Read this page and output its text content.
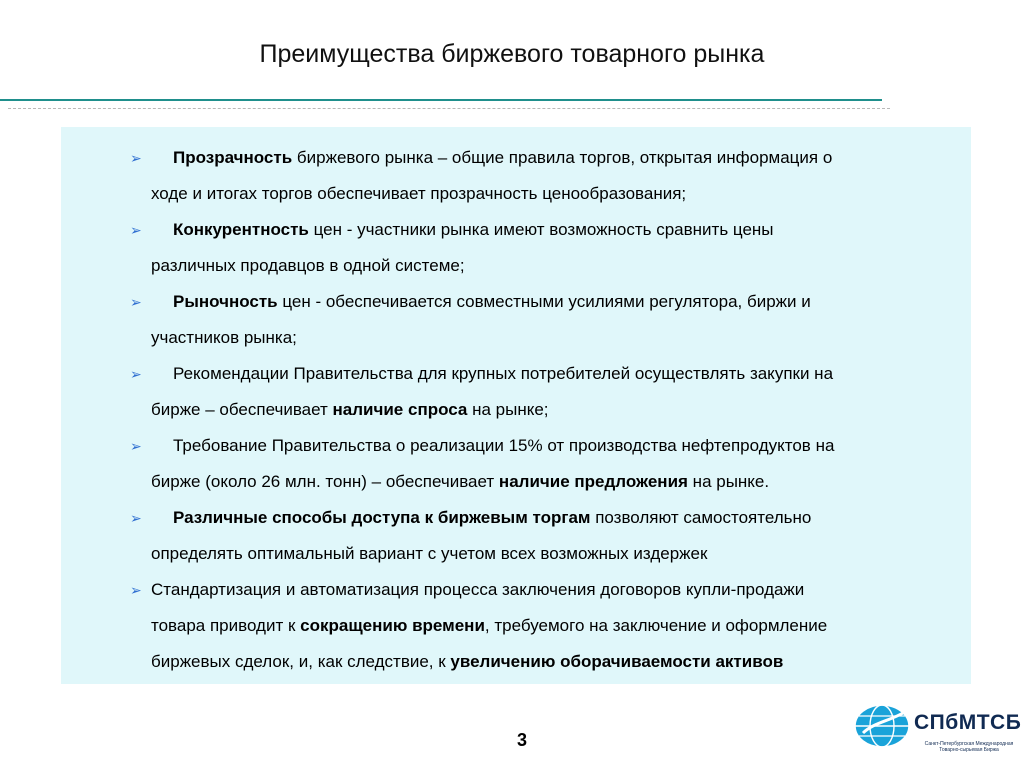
Преимущества биржевого товарного рынка
➢ Прозрачность биржевого рынка – общие правила торгов, открытая информация о
ходе и итогах торгов обеспечивает прозрачность ценообразования;
➢ Конкурентность цен - участники рынка имеют возможность сравнить цены
различных продавцов в одной системе;
➢ Рыночность цен - обеспечивается совместными усилиями регулятора, биржи и
участников рынка;
➢ Рекомендации Правительства для крупных потребителей осуществлять закупки на
бирже – обеспечивает наличие спроса на рынке;
➢ Требование Правительства о реализации 15% от производства нефтепродуктов на
бирже (около 26 млн. тонн) – обеспечивает наличие предложения на рынке.
➢ Различные способы доступа к биржевым торгам позволяют самостоятельно
определять оптимальный вариант с учетом всех возможных издержек
➢ Стандартизация и автоматизация процесса заключения договоров купли-продажи
товара приводит к сокращению времени, требуемого на заключение и оформление
биржевых сделок, и, как следствие, к увеличению оборачиваемости активов
3
СПбМТСБ
Санкт-Петербургская Международная Товарно-сырьевая Биржа
